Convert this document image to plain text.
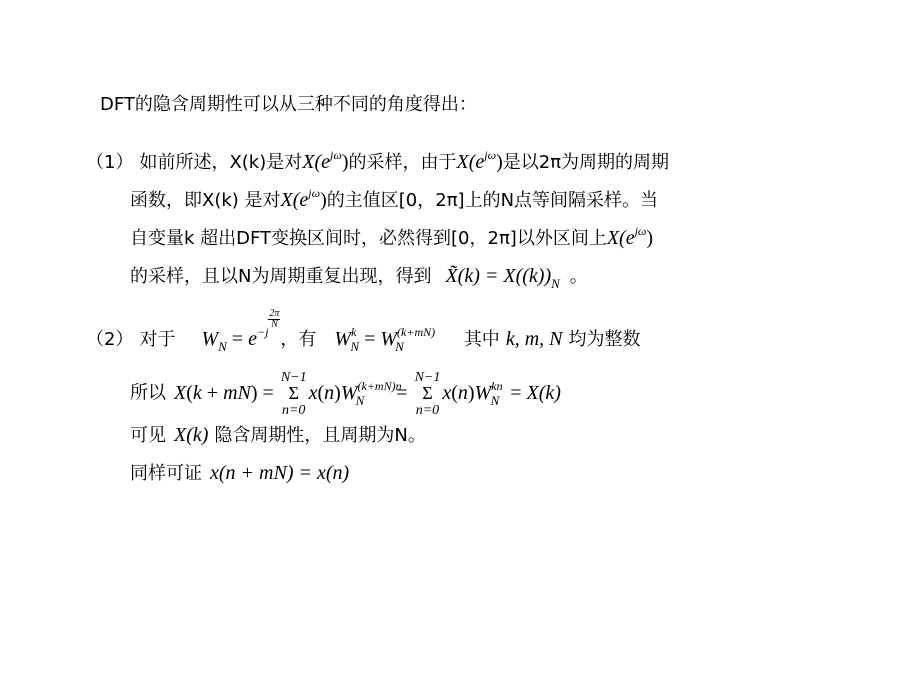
DFT的隐含周期性可以从三种不同的角度得出：
（1） 如前所述，X(k)是对$X(e^{j\omega})$的采样，由于$X(e^{j\omega})$是以2π为周期的周期
函数，即X(k) 是对$X(e^{j\omega})$的主值区[0，2π]上的N点等间隔采样。当
自变量k 超出DFT变换区间时，必然得到[0，2π]以外区间上$X(e^{j\omega})$
的采样，且以N为周期重复出现，得到 X̃(k) = $X((k))_N$ 。
（2） 对于 $W_N = e^{-j \frac{2\pi}{N}}$
，有 $W^k_N = W^{(k+mN)}_N$	其中 k, m, N 均为整数
所以 X(k + mN) = N−1
Σ
$n=0x(n)W^{(k+mN)n}_N = N-1$
Σ
$n=0x(n)W^{kn}_N = X(k)$
可见 X(k) 隐含周期性，且周期为N。
同样可证 x(n + mN) = x(n)
